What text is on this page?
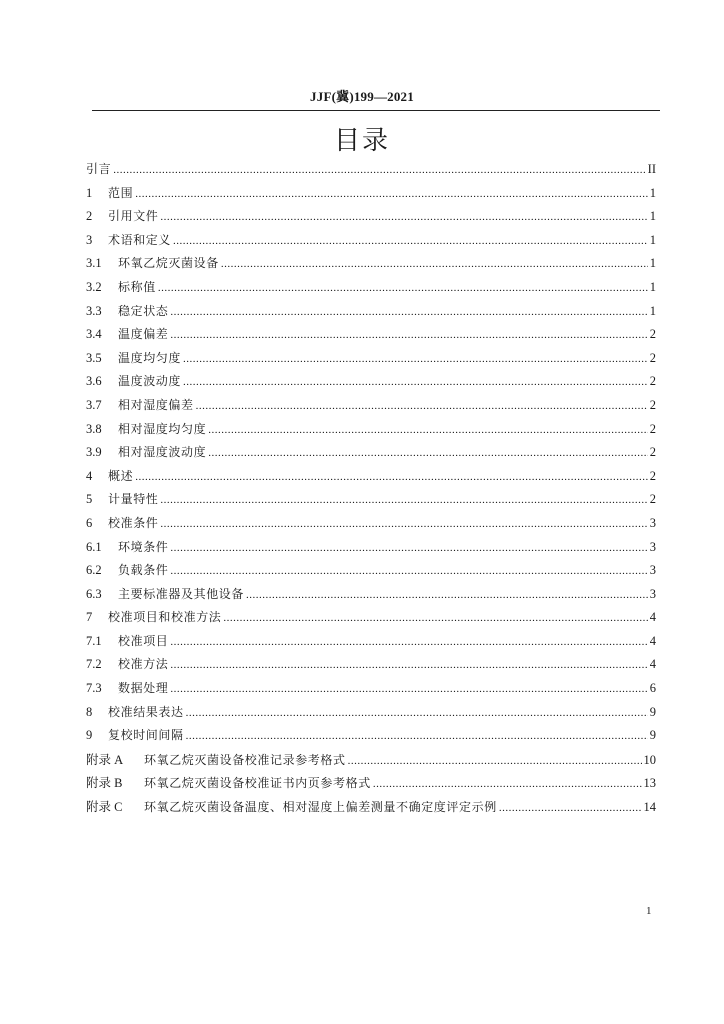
JJF(冀)199—2021
目录
引言 .....	II
1	范围 .....	1
2	引用文件 .....	1
3	术语和定义 .....	1
3.1	环氧乙烷灭菌设备 .....	1
3.2	标称值 .....	1
3.3	稳定状态 .....	1
3.4	温度偏差 .....	2
3.5	温度均匀度 .....	2
3.6	温度波动度 .....	2
3.7	相对湿度偏差 .....	2
3.8	相对湿度均匀度 .....	2
3.9	相对湿度波动度 .....	2
4	概述 .....	2
5	计量特性 .....	2
6	校准条件 .....	3
6.1	环境条件 .....	3
6.2	负载条件 .....	3
6.3	主要标准器及其他设备 .....	3
7	校准项目和校准方法 .....	4
7.1	校准项目 .....	4
7.2	校准方法 .....	4
7.3	数据处理 .....	6
8	校准结果表达 .....	9
9	复校时间间隔 .....	9
附录 A	环氧乙烷灭菌设备校准记录参考格式 .....	10
附录 B	环氧乙烷灭菌设备校准证书内页参考格式 .....	13
附录 C	环氧乙烷灭菌设备温度、相对湿度上偏差测量不确定度评定示例 .....	14
1
